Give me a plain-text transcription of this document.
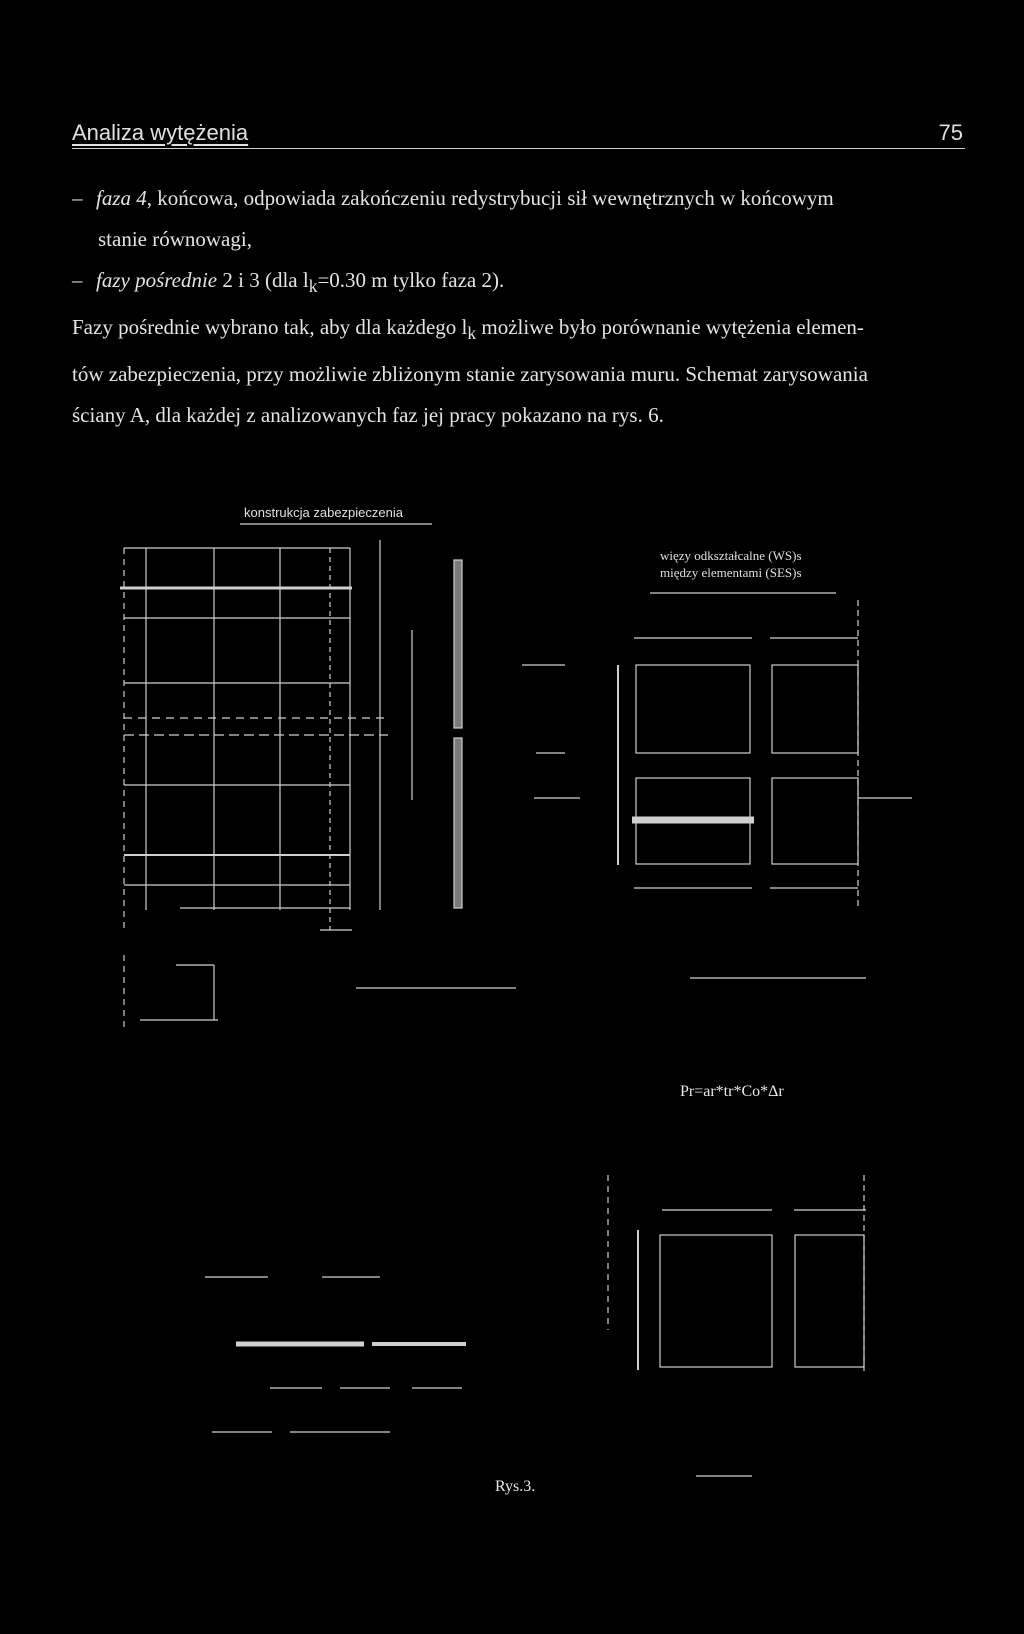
Analiza wytężenia	75

– faza 4, końcowa, odpowiada zakończeniu redystrybucji sił wewnętrznych w końcowym

stanie równowagi,

– fazy pośrednie 2 i 3 (dla $l_k=0.30$ m tylko faza 2).

Fazy pośrednie wybrano tak, aby dla każdego $l_k$ możliwe było porównanie wytężenia elemen-

tów zabezpieczenia, przy możliwie zbliżonym stanie zarysowania muru. Schemat zarysowania

ściany A, dla każdej z analizowanych faz jej pracy pokazano na rys. 6.

konstrukcja zabezpieczenia
więzy odkształcalne (WS)s
między elementami (SES)s
Pr=ar*tr*Co*Δr
Rys.3.
